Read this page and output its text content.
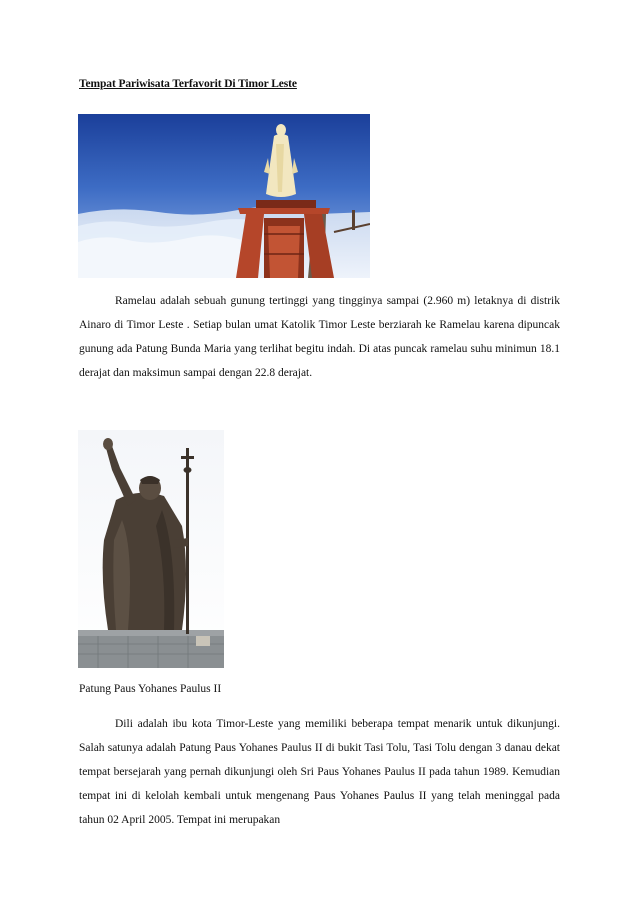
Tempat Pariwisata Terfavorit Di Timor Leste

Ramelau adalah sebuah gunung tertinggi yang tingginya sampai (2.960 m) letaknya di distrik Ainaro di Timor Leste . Setiap bulan umat Katolik Timor Leste berziarah ke Ramelau karena dipuncak gunung ada Patung Bunda Maria yang terlihat begitu indah. Di atas puncak ramelau suhu minimun 18.1 derajat dan maksimun sampai dengan 22.8 derajat.

Patung Paus Yohanes Paulus II

Dili adalah ibu kota Timor-Leste yang memiliki beberapa tempat menarik untuk dikunjungi. Salah satunya adalah Patung Paus Yohanes Paulus II di bukit Tasi Tolu, Tasi Tolu dengan 3 danau dekat tempat bersejarah yang pernah dikunjungi oleh Sri Paus Yohanes Paulus II pada tahun 1989. Kemudian tempat ini di kelolah kembali untuk mengenang Paus Yohanes Paulus II yang telah meninggal pada tahun 02 April 2005. Tempat ini merupakan
